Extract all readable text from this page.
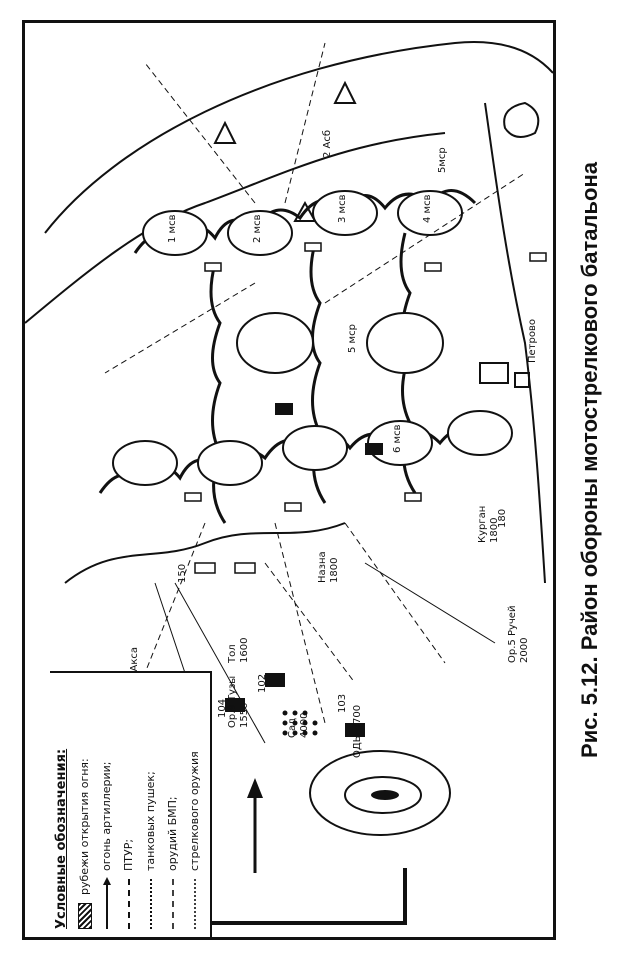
Сад 4000	ОДЫ 4700
Ор.9 Тузы 1550
Тол 1600
Назна 1800
Петрово
Курган 1800
Ор.5 Ручей 2000
1 мсв	2 мсв
3 мсв	4 мсв
5 мср
6 мсв
5мср
2 Асб
102
103
104
150
180
Условные обозначения: рубежи открытия огня: огонь артиллерии; ПТУР; танковых пушек; орудий БМП; стрелкового оружия
Рис. 5.12. Район обороны мотострелкового батальона
